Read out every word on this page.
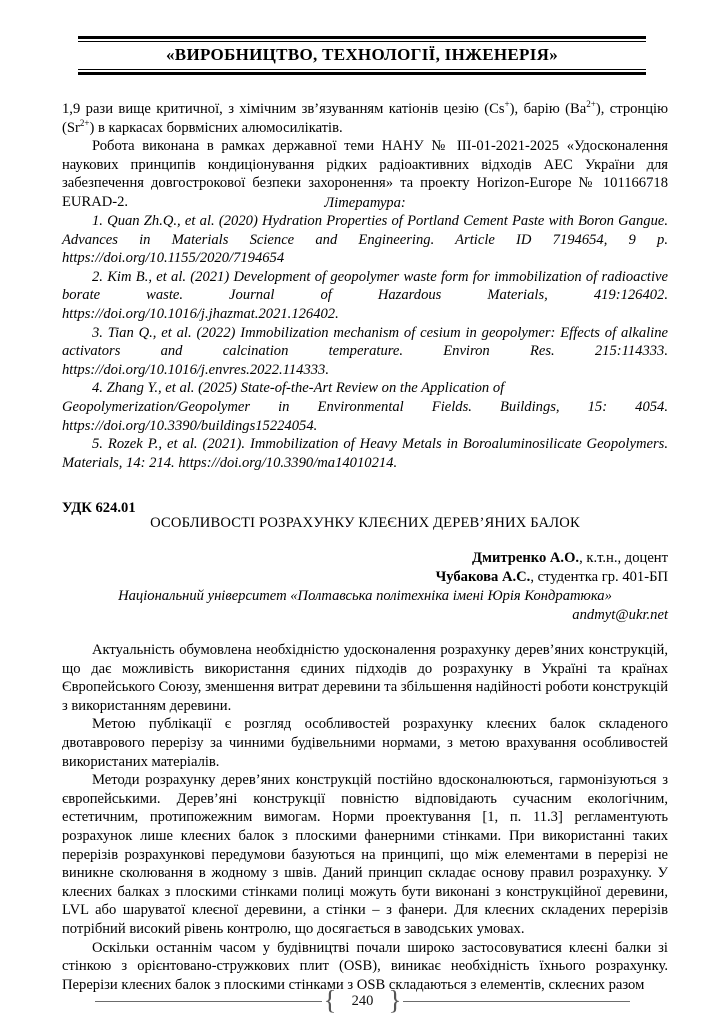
«ВИРОБНИЦТВО, ТЕХНОЛОГІЇ, ІНЖЕНЕРІЯ»

1,9 рази вище критичної, з хімічним зв’язуванням катіонів цезію (Cs+), барію $(Ba^{2+})$, стронцію $(Sr^{2+})$ в каркасах борвмісних алюмосилікатів.

Робота виконана в рамках державної теми НАНУ № ІІІ-01-2021-2025 «Удосконалення наукових принципів кондиціонування рідких радіоактивних відходів АЕС України для забезпечення довгострокової безпеки захоронення» та проекту Horizon-Europe № 101166718 EURAD-2.	Література:

1. Quan Zh.Q., et al. (2020) Hydration Properties of Portland Cement Paste with Boron Gangue. Advances in Materials Science and Engineering. Article ID 7194654, 9 p. https://doi.org/10.1155/2020/7194654

2. Kim B., et al. (2021) Development of geopolymer waste form for immobilization of radioactive borate waste. Journal of Hazardous Materials, 419:126402. https://doi.org/10.1016/j.jhazmat.2021.126402.

3. Tian Q., et al. (2022) Immobilization mechanism of cesium in geopolymer: Effects of alkaline activators and calcination temperature. Environ Res. 215:114333. https://doi.org/10.1016/j.envres.2022.114333.

4. Zhang Y., et al. (2025) State-of-the-Art Review on the Application of

Geopolymerization/Geopolymer in Environmental Fields. Buildings, 15: 4054. https://doi.org/10.3390/buildings15224054.

5. Rozek P., et al. (2021). Immobilization of Heavy Metals in Boroaluminosilicate Geopolymers. Materials, 14: 214. https://doi.org/10.3390/ma14010214.

УДК 624.01
ОСОБЛИВОСТІ РОЗРАХУНКУ КЛЕЄНИХ ДЕРЕВ’ЯНИХ БАЛОК
Дмитренко А.О., к.т.н., доцент
Чубакова А.С., студентка гр. 401-БП
Національний університет «Полтавська політехніка імені Юрія Кондратюка»
andmyt@ukr.net

Актуальність обумовлена необхідністю удосконалення розрахунку дерев’яних конструкцій, що дає можливість використання єдиних підходів до розрахунку в Україні та країнах Європейського Союзу, зменшення витрат деревини та збільшення надійності роботи конструкцій з використанням деревини.

Метою публікації є розгляд особливостей розрахунку клеєних балок складеного двотаврового перерізу за чинними будівельними нормами, з метою врахування особливостей використаних матеріалів.

Методи розрахунку дерев’яних конструкцій постійно вдосконалюються, гармонізуються з європейськими. Дерев’яні конструкції повністю відповідають сучасним екологічним, естетичним, протипожежним вимогам. Норми проектування [1, п. 11.3] регламентують розрахунок лише клеєних балок з плоскими фанерними стінками. При використанні таких перерізів розрахункові передумови базуються на принципі, що між елементами в перерізі не виникне сколювання в жодному з швів. Даний принцип складає основу правил розрахунку. У клеєних балках з плоскими стінками полиці можуть бути виконані з конструкційної деревини, LVL або шаруватої клеєної деревини, а стінки – з фанери. Для клеєних складених перерізів потрібний високий рівень контролю, що досягається в заводських умовах.

Оскільки останнім часом у будівництві почали широко застосовуватися клеєні балки зі стінкою з орієнтовано-стружкових плит (OSB), виникає необхідність їхнього розрахунку. Перерізи клеєних балок з плоскими стінками з OSB складаються з елементів, склеєних разом

{	240 }
